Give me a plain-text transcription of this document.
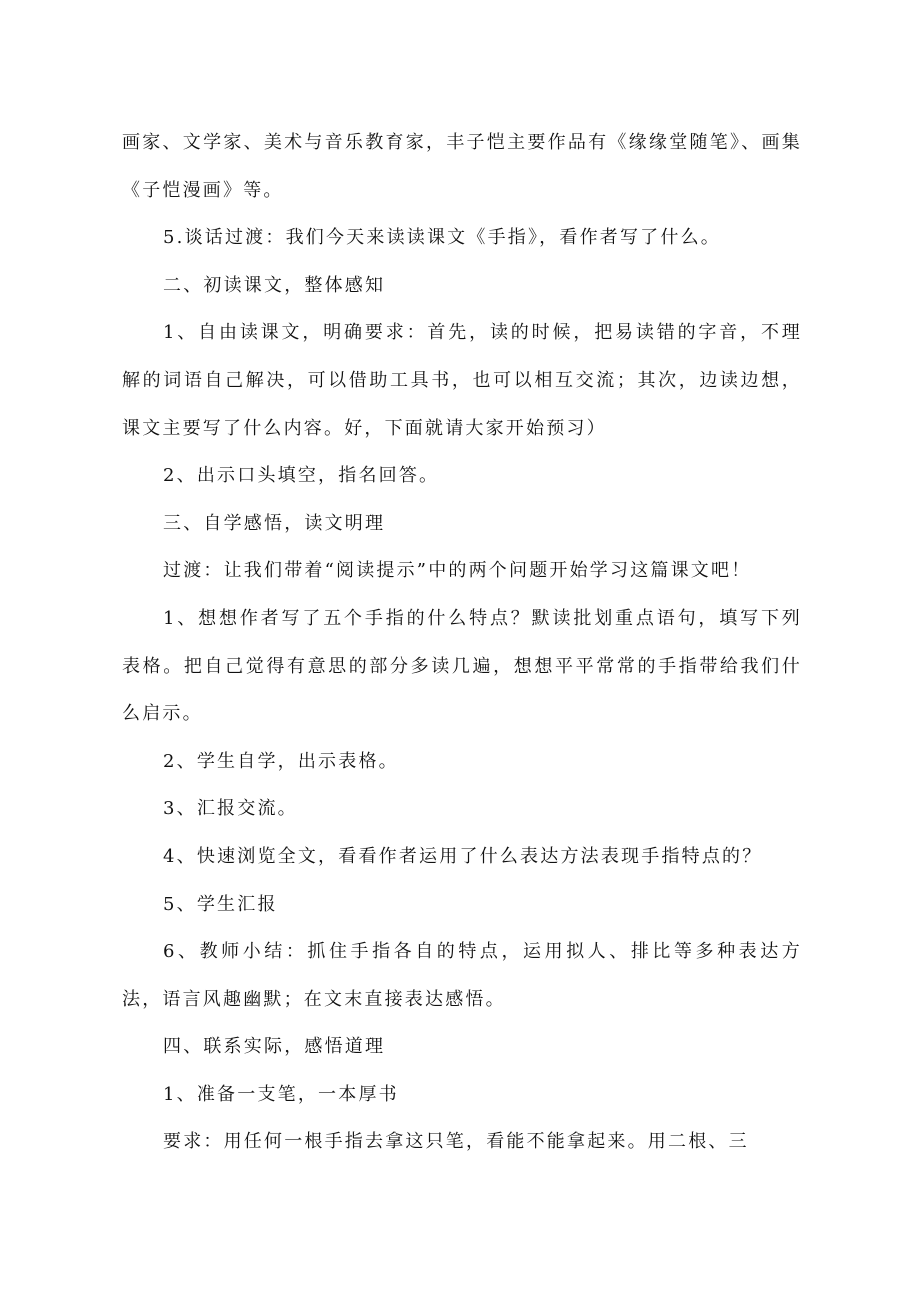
画家、文学家、美术与音乐教育家，丰子恺主要作品有《缘缘堂随笔》、画集《子恺漫画》等。

5.谈话过渡：我们今天来读读课文《手指》，看作者写了什么。

二、初读课文，整体感知

1、自由读课文，明确要求：首先，读的时候，把易读错的字音，不理解的词语自己解决，可以借助工具书，也可以相互交流；其次，边读边想，课文主要写了什么内容。好，下面就请大家开始预习）

2、出示口头填空，指名回答。

三、自学感悟，读文明理

过渡：让我们带着“阅读提示”中的两个问题开始学习这篇课文吧！

1、想想作者写了五个手指的什么特点？默读批划重点语句，填写下列表格。把自己觉得有意思的部分多读几遍，想想平平常常的手指带给我们什么启示。

2、学生自学，出示表格。

3、汇报交流。

4、快速浏览全文，看看作者运用了什么表达方法表现手指特点的？

5、学生汇报

6、教师小结：抓住手指各自的特点，运用拟人、排比等多种表达方法，语言风趣幽默；在文末直接表达感悟。

四、联系实际，感悟道理

1、准备一支笔，一本厚书

要求：用任何一根手指去拿这只笔，看能不能拿起来。用二根、三
